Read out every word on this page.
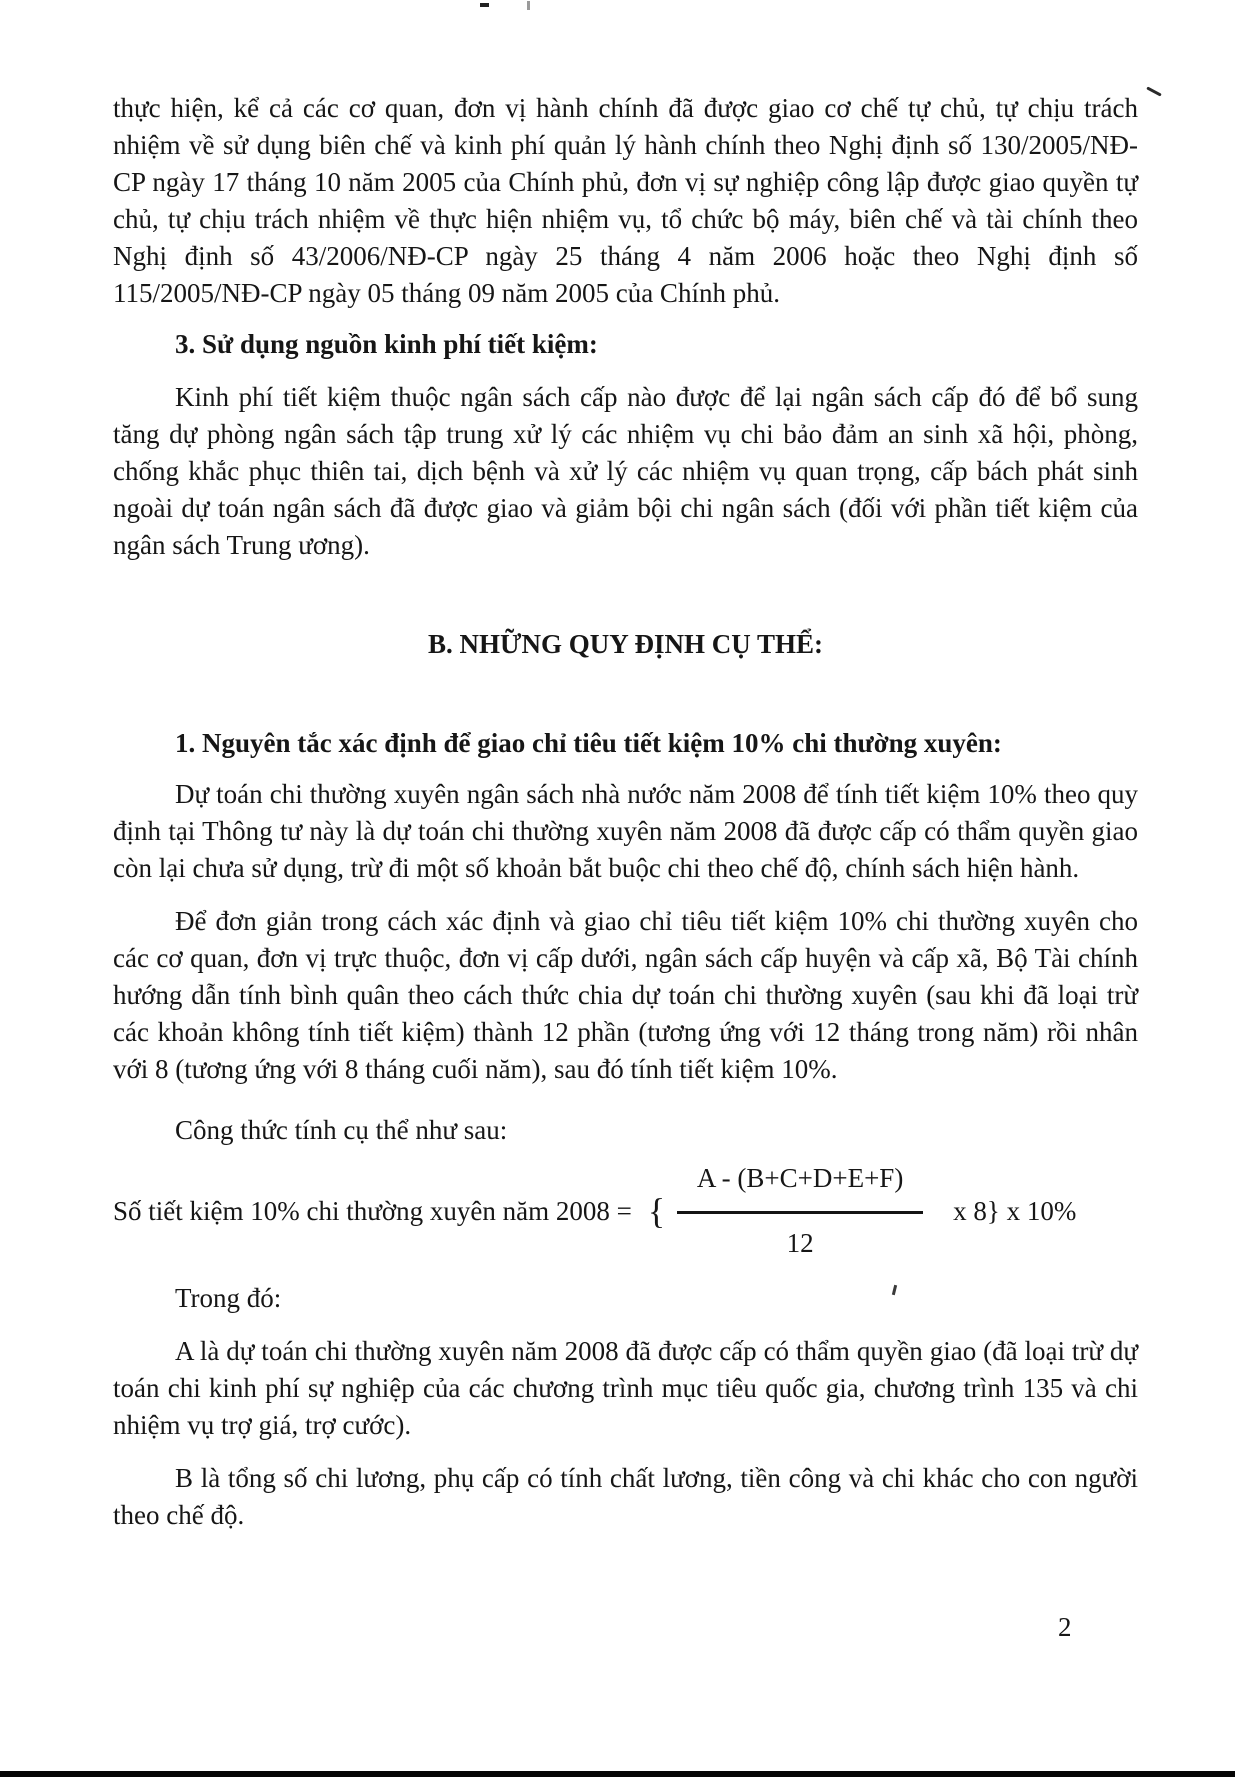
thực hiện, kể cả các cơ quan, đơn vị hành chính đã được giao cơ chế tự chủ, tự chịu trách nhiệm về sử dụng biên chế và kinh phí quản lý hành chính theo Nghị định số 130/2005/NĐ-CP ngày 17 tháng 10 năm 2005 của Chính phủ, đơn vị sự nghiệp công lập được giao quyền tự chủ, tự chịu trách nhiệm về thực hiện nhiệm vụ, tổ chức bộ máy, biên chế và tài chính theo Nghị định số 43/2006/NĐ-CP ngày 25 tháng 4 năm 2006 hoặc theo Nghị định số 115/2005/NĐ-CP ngày 05 tháng 09 năm 2005 của Chính phủ.

3. Sử dụng nguồn kinh phí tiết kiệm:

Kinh phí tiết kiệm thuộc ngân sách cấp nào được để lại ngân sách cấp đó để bổ sung tăng dự phòng ngân sách tập trung xử lý các nhiệm vụ chi bảo đảm an sinh xã hội, phòng, chống khắc phục thiên tai, dịch bệnh và xử lý các nhiệm vụ quan trọng, cấp bách phát sinh ngoài dự toán ngân sách đã được giao và giảm bội chi ngân sách (đối với phần tiết kiệm của ngân sách Trung ương).

B. NHỮNG QUY ĐỊNH CỤ THỂ:

1. Nguyên tắc xác định để giao chỉ tiêu tiết kiệm 10% chi thường xuyên:

Dự toán chi thường xuyên ngân sách nhà nước năm 2008 để tính tiết kiệm 10% theo quy định tại Thông tư này là dự toán chi thường xuyên năm 2008 đã được cấp có thẩm quyền giao còn lại chưa sử dụng, trừ đi một số khoản bắt buộc chi theo chế độ, chính sách hiện hành.

Để đơn giản trong cách xác định và giao chỉ tiêu tiết kiệm 10% chi thường xuyên cho các cơ quan, đơn vị trực thuộc, đơn vị cấp dưới, ngân sách cấp huyện và cấp xã, Bộ Tài chính hướng dẫn tính bình quân theo cách thức chia dự toán chi thường xuyên (sau khi đã loại trừ các khoản không tính tiết kiệm) thành 12 phần (tương ứng với 12 tháng trong năm) rồi nhân với 8 (tương ứng với 8 tháng cuối năm), sau đó tính tiết kiệm 10%.

Công thức tính cụ thể như sau:

Số tiết kiệm 10% chi thường xuyên năm 2008 = { $\frac{A - (B+C+D+E+F)}{12}$ x 8} x 10%

Trong đó:

A là dự toán chi thường xuyên năm 2008 đã được cấp có thẩm quyền giao (đã loại trừ dự toán chi kinh phí sự nghiệp của các chương trình mục tiêu quốc gia, chương trình 135 và chi nhiệm vụ trợ giá, trợ cước).

B là tổng số chi lương, phụ cấp có tính chất lương, tiền công và chi khác cho con người theo chế độ.

2
